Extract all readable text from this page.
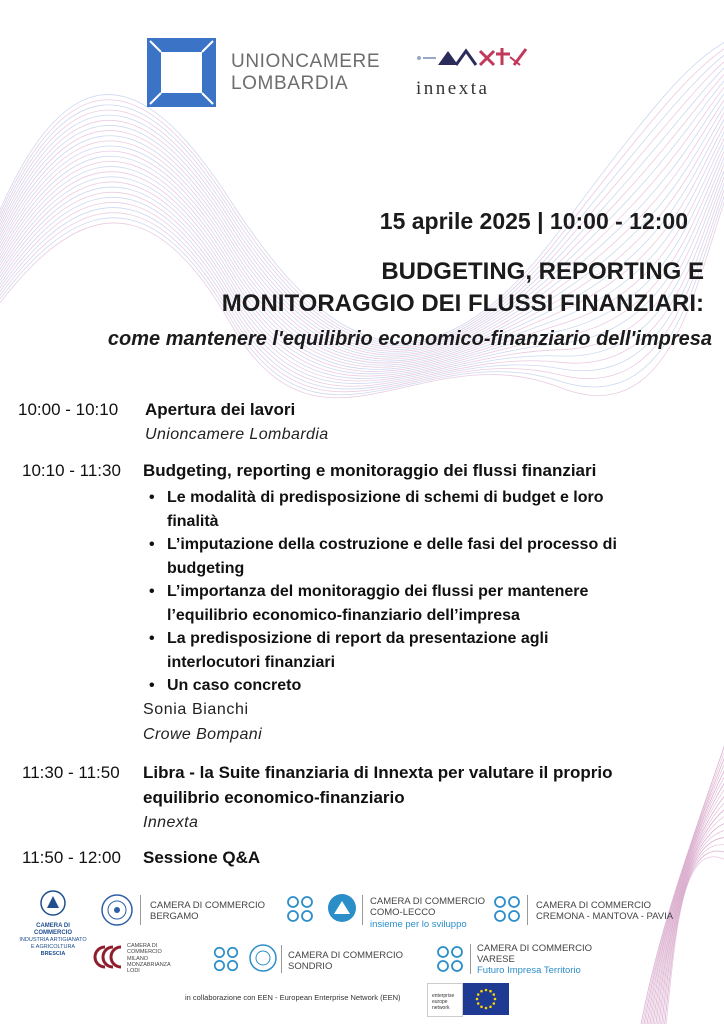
UNIONCAMERE
LOMBARDIA	innexta
15 aprile 2025 | 10:00 - 12:00
BUDGETING, REPORTING E
MONITORAGGIO DEI FLUSSI FINANZIARI:
come mantenere l'equilibrio economico-finanziario dell'impresa
10:00 - 10:10 Apertura dei lavori
Unioncamere Lombardia
10:10 - 11:30 Budgeting, reporting e monitoraggio dei flussi finanziari
• Le modalità di predisposizione di schemi di budget e loro finalità
• L’imputazione della costruzione e delle fasi del processo di budgeting
• L’importanza del monitoraggio dei flussi per mantenere l’equilibrio economico-finanziario dell’impresa
• La predisposizione di report da presentazione agli interlocutori finanziari
• Un caso concreto
Sonia Bianchi
Crowe Bompani
11:30 - 11:50 Libra - la Suite finanziaria di Innexta per valutare il proprio
equilibrio economico-finanziario
Innexta
11:50 - 12:00 Sessione Q&A
CAMERA DI COMMERCIO
INDUSTRIA ARTIGIANATO E AGRICOLTURA
BRESCIA
CAMERA DI COMMERCIO
BERGAMO
CAMERA DI COMMERCIO
COMO-LECCO
insieme per lo sviluppo
CAMERA DI COMMERCIO
CREMONA - MANTOVA - PAVIA
CAMERA DI
COMMERCIO
MILANO
MONZABRIANZA
LODI
CAMERA DI COMMERCIO
SONDRIO
CAMERA DI COMMERCIO
VARESE
Futuro Impresa Territorio
in collaborazione con EEN - European Enterprise Network (EEN)	enterprise europe network
